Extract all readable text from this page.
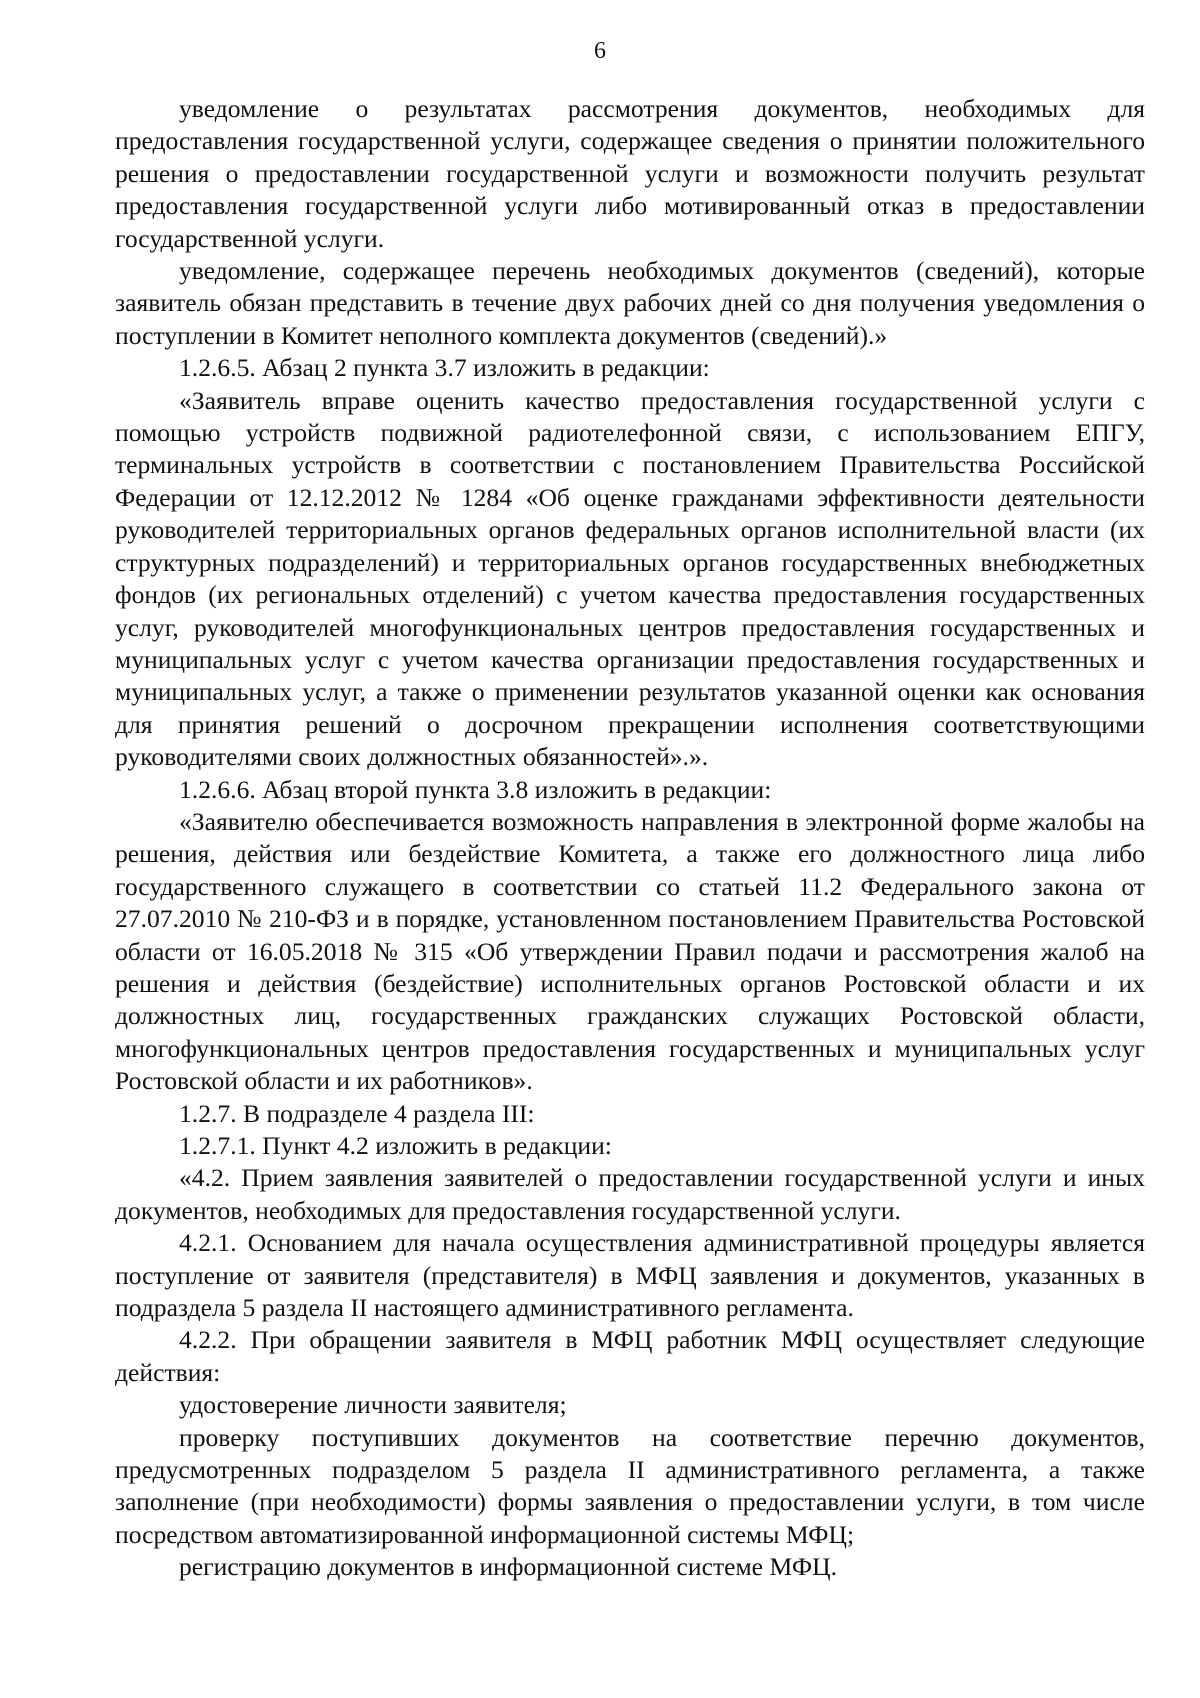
6

уведомление о результатах рассмотрения документов, необходимых для предоставления государственной услуги, содержащее сведения о принятии положительного решения о предоставлении государственной услуги и возможности получить результат предоставления государственной услуги либо мотивированный отказ в предоставлении государственной услуги.

уведомление, содержащее перечень необходимых документов (сведений), которые заявитель обязан представить в течение двух рабочих дней со дня получения уведомления о поступлении в Комитет неполного комплекта документов (сведений).»

1.2.6.5. Абзац 2 пункта 3.7 изложить в редакции:

«Заявитель вправе оценить качество предоставления государственной услуги с помощью устройств подвижной радиотелефонной связи, с использованием ЕПГУ, терминальных устройств в соответствии с постановлением Правительства Российской Федерации от 12.12.2012 № 1284 «Об оценке гражданами эффективности деятельности руководителей территориальных органов федеральных органов исполнительной власти (их структурных подразделений) и территориальных органов государственных внебюджетных фондов (их региональных отделений) с учетом качества предоставления государственных услуг, руководителей многофункциональных центров предоставления государственных и муниципальных услуг с учетом качества организации предоставления государственных и муниципальных услуг, а также о применении результатов указанной оценки как основания для принятия решений о досрочном прекращении исполнения соответствующими руководителями своих должностных обязанностей».».

1.2.6.6. Абзац второй пункта 3.8 изложить в редакции:

«Заявителю обеспечивается возможность направления в электронной форме жалобы на решения, действия или бездействие Комитета, а также его должностного лица либо государственного служащего в соответствии со статьей 11.2 Федерального закона от 27.07.2010 № 210-ФЗ и в порядке, установленном постановлением Правительства Ростовской области от 16.05.2018 № 315 «Об утверждении Правил подачи и рассмотрения жалоб на решения и действия (бездействие) исполнительных органов Ростовской области и их должностных лиц, государственных гражданских служащих Ростовской области, многофункциональных центров предоставления государственных и муниципальных услуг Ростовской области и их работников».

1.2.7. В подразделе 4 раздела III:

1.2.7.1. Пункт 4.2 изложить в редакции:

«4.2. Прием заявления заявителей о предоставлении государственной услуги и иных документов, необходимых для предоставления государственной услуги.

4.2.1. Основанием для начала осуществления административной процедуры является поступление от заявителя (представителя) в МФЦ заявления и документов, указанных в подраздела 5 раздела II настоящего административного регламента.

4.2.2. При обращении заявителя в МФЦ работник МФЦ осуществляет следующие действия:

удостоверение личности заявителя;

проверку поступивших документов на соответствие перечню документов, предусмотренных подразделом 5 раздела II административного регламента, а также заполнение (при необходимости) формы заявления о предоставлении услуги, в том числе посредством автоматизированной информационной системы МФЦ;

регистрацию документов в информационной системе МФЦ.
